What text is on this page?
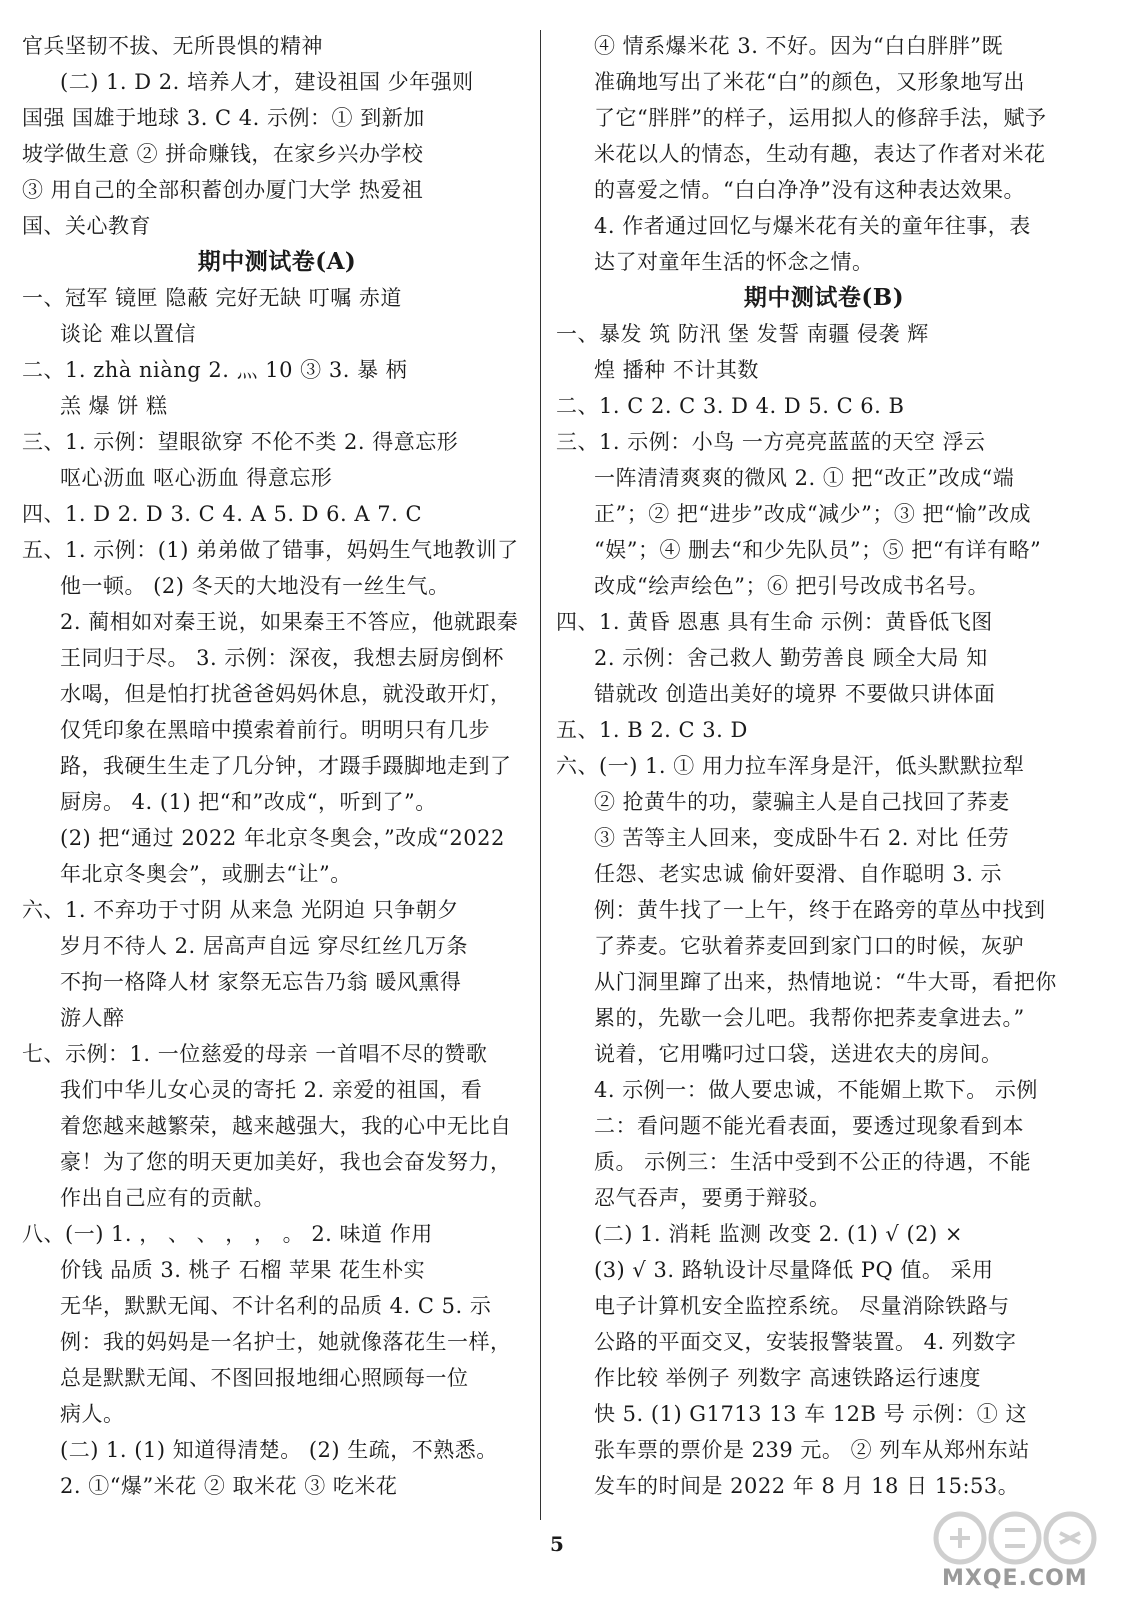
官兵坚韧不拔、无所畏惧的精神
(二) 1. D 2. 培养人才，建设祖国 少年强则
国强 国雄于地球 3. C 4. 示例：① 到新加
坡学做生意 ② 拼命赚钱，在家乡兴办学校
③ 用自己的全部积蓄创办厦门大学 热爱祖
国、关心教育
期中测试卷(A)
一、冠军 镜匣 隐蔽 完好无缺 叮嘱 赤道
谈论 难以置信
二、1. zhà niàng 2. 灬 10 ③ 3. 暴 柄
羔 爆 饼 糕
三、1. 示例：望眼欲穿 不伦不类 2. 得意忘形
呕心沥血 呕心沥血 得意忘形
四、1. D 2. D 3. C 4. A 5. D 6. A 7. C
五、1. 示例：(1) 弟弟做了错事，妈妈生气地教训了
他一顿。 (2) 冬天的大地没有一丝生气。
2. 蔺相如对秦王说，如果秦王不答应，他就跟秦
王同归于尽。 3. 示例：深夜，我想去厨房倒杯
水喝，但是怕打扰爸爸妈妈休息，就没敢开灯，
仅凭印象在黑暗中摸索着前行。明明只有几步
路，我硬生生走了几分钟，才蹑手蹑脚地走到了
厨房。 4. (1) 把“和”改成“，听到了”。
(2) 把“通过 2022 年北京冬奥会，”改成“2022
年北京冬奥会”，或删去“让”。
六、1. 不弃功于寸阴 从来急 光阴迫 只争朝夕
岁月不待人 2. 居高声自远 穿尽红丝几万条
不拘一格降人材 家祭无忘告乃翁 暖风熏得
游人醉
七、示例：1. 一位慈爱的母亲 一首唱不尽的赞歌
我们中华儿女心灵的寄托 2. 亲爱的祖国，看
着您越来越繁荣，越来越强大，我的心中无比自
豪！为了您的明天更加美好，我也会奋发努力，
作出自己应有的贡献。
八、(一) 1. ， 、 、 ， ， 。 2. 味道 作用
价钱 品质 3. 桃子 石榴 苹果 花生朴实
无华，默默无闻、不计名利的品质 4. C 5. 示
例：我的妈妈是一名护士，她就像落花生一样，
总是默默无闻、不图回报地细心照顾每一位
病人。
(二) 1. (1) 知道得清楚。 (2) 生疏，不熟悉。
2. ①“爆”米花 ② 取米花 ③ 吃米花
④ 情系爆米花 3. 不好。因为“白白胖胖”既
准确地写出了米花“白”的颜色，又形象地写出
了它“胖胖”的样子，运用拟人的修辞手法，赋予
米花以人的情态，生动有趣，表达了作者对米花
的喜爱之情。“白白净净”没有这种表达效果。
4. 作者通过回忆与爆米花有关的童年往事，表
达了对童年生活的怀念之情。
期中测试卷(B)
一、暴发 筑 防汛 堡 发誓 南疆 侵袭 辉
煌 播种 不计其数
二、1. C 2. C 3. D 4. D 5. C 6. B
三、1. 示例：小鸟 一方亮亮蓝蓝的天空 浮云
一阵清清爽爽的微风 2. ① 把“改正”改成“端
正”；② 把“进步”改成“减少”；③ 把“愉”改成
“娱”；④ 删去“和少先队员”；⑤ 把“有详有略”
改成“绘声绘色”；⑥ 把引号改成书名号。
四、1. 黄昏 恩惠 具有生命 示例：黄昏低飞图
2. 示例：舍己救人 勤劳善良 顾全大局 知
错就改 创造出美好的境界 不要做只讲体面
五、1. B 2. C 3. D
六、(一) 1. ① 用力拉车浑身是汗，低头默默拉犁
② 抢黄牛的功，蒙骗主人是自己找回了荞麦
③ 苦等主人回来，变成卧牛石 2. 对比 任劳
任怨、老实忠诚 偷奸耍滑、自作聪明 3. 示
例：黄牛找了一上午，终于在路旁的草丛中找到
了荞麦。它驮着荞麦回到家门口的时候，灰驴
从门洞里蹿了出来，热情地说：“牛大哥，看把你
累的，先歇一会儿吧。我帮你把荞麦拿进去。”
说着，它用嘴叼过口袋，送进农夫的房间。
4. 示例一：做人要忠诚，不能媚上欺下。 示例
二：看问题不能光看表面，要透过现象看到本
质。 示例三：生活中受到不公正的待遇，不能
忍气吞声，要勇于辩驳。
(二) 1. 消耗 监测 改变 2. (1) √ (2) ×
(3) √ 3. 路轨设计尽量降低 PQ 值。 采用
电子计算机安全监控系统。 尽量消除铁路与
公路的平面交叉，安装报警装置。 4. 列数字
作比较 举例子 列数字 高速铁路运行速度
快 5. (1) G1713 13 车 12B 号 示例：① 这
张车票的票价是 239 元。 ② 列车从郑州东站
发车的时间是 2022 年 8 月 18 日 15:53。
5
MXQE.COM
